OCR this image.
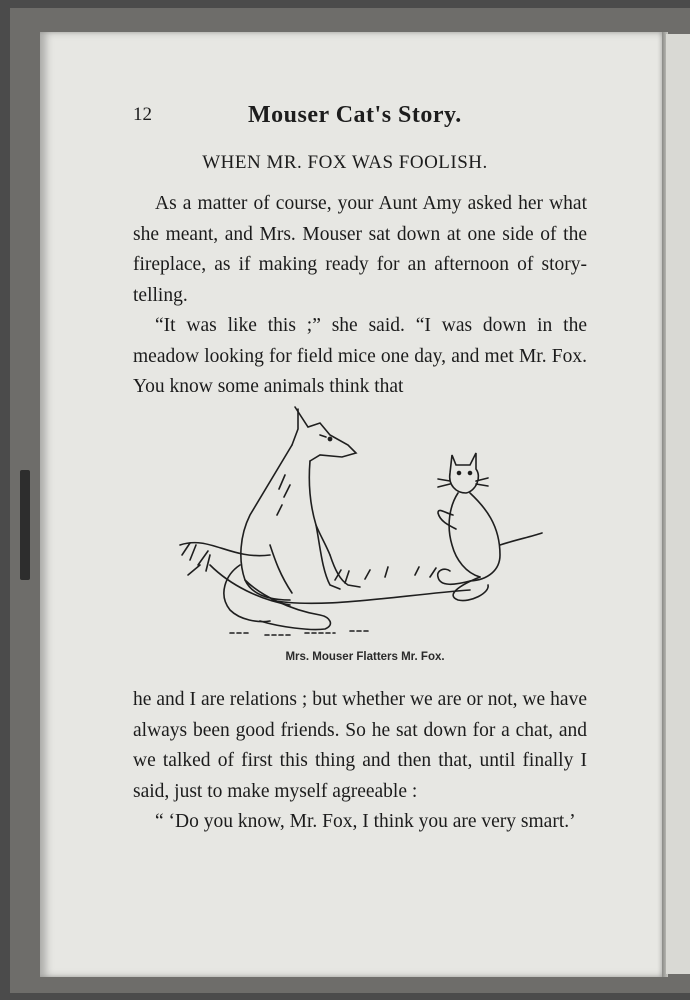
12	Mouser Cat's Story.
WHEN MR. FOX WAS FOOLISH.

As a matter of course, your Aunt Amy asked her what she meant, and Mrs. Mouser sat down at one side of the fireplace, as if making ready for an afternoon of story-telling.

“It was like this ;” she said. “I was down in the meadow looking for field mice one day, and met Mr. Fox. You know some animals think that

Mrs. Mouser Flatters Mr. Fox.

he and I are relations ; but whether we are or not, we have always been good friends. So he sat down for a chat, and we talked of first this thing and then that, until finally I said, just to make myself agreeable :

“ ‘Do you know, Mr. Fox, I think you are very smart.’
